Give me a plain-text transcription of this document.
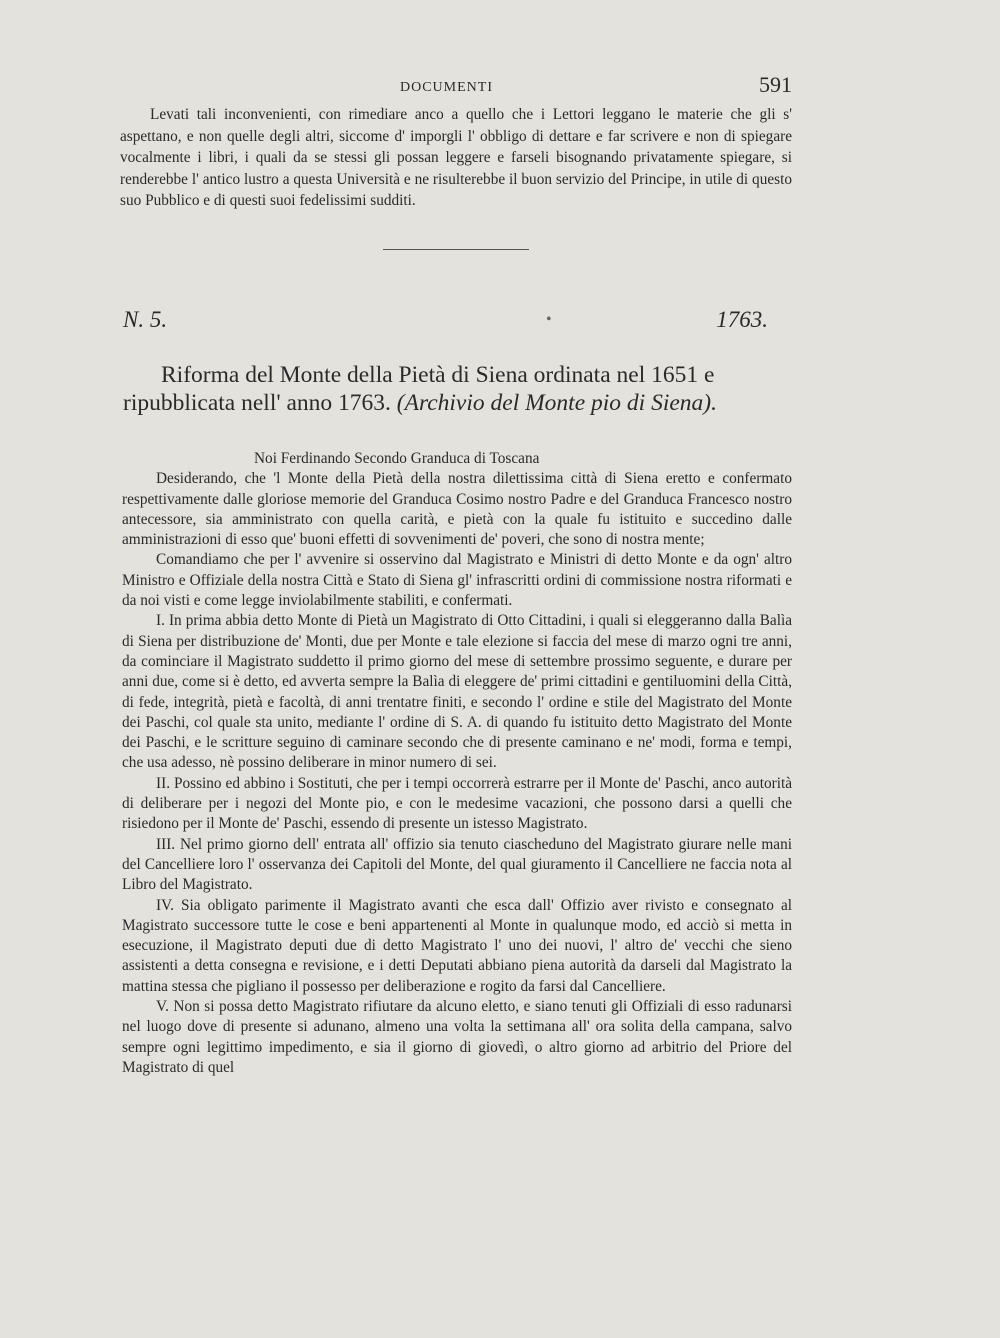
DOCUMENTI	591

Levati tali inconvenienti, con rimediare anco a quello che i Lettori leggano le materie che gli s' aspettano, e non quelle degli altri, siccome d' imporgli l' obbligo di dettare e far scrivere e non di spiegare vocalmente i libri, i quali da se stessi gli possan leggere e farseli bisognando privatamente spiegare, si renderebbe l' antico lustro a questa Università e ne risulterebbe il buon servizio del Principe, in utile di questo suo Pubblico e di questi suoi fedelissimi sudditi.

N. 5.	•	1763.

Riforma del Monte della Pietà di Siena ordinata nel 1651 e ripubblicata nell' anno 1763. (Archivio del Monte pio di Siena).

Noi Ferdinando Secondo Granduca di Toscana

Desiderando, che 'l Monte della Pietà della nostra dilettissima città di Siena eretto e confermato respettivamente dalle gloriose memorie del Granduca Cosimo nostro Padre e del Granduca Francesco nostro antecessore, sia amministrato con quella carità, e pietà con la quale fu istituito e succedino dalle amministrazioni di esso que' buoni effetti di sovvenimenti de' poveri, che sono di nostra mente;

Comandiamo che per l' avvenire si osservino dal Magistrato e Ministri di detto Monte e da ogn' altro Ministro e Offiziale della nostra Città e Stato di Siena gl' infrascritti ordini di commissione nostra riformati e da noi visti e come legge inviolabilmente stabiliti, e confermati.

I. In prima abbia detto Monte di Pietà un Magistrato di Otto Cittadini, i quali si eleggeranno dalla Balìa di Siena per distribuzione de' Monti, due per Monte e tale elezione si faccia del mese di marzo ogni tre anni, da cominciare il Magistrato suddetto il primo giorno del mese di settembre prossimo seguente, e durare per anni due, come si è detto, ed avverta sempre la Balìa di eleggere de' primi cittadini e gentiluomini della Città, di fede, integrità, pietà e facoltà, di anni trentatre finiti, e secondo l' ordine e stile del Magistrato del Monte dei Paschi, col quale sta unito, mediante l' ordine di S. A. di quando fu istituito detto Magistrato del Monte dei Paschi, e le scritture seguino di caminare secondo che di presente caminano e ne' modi, forma e tempi, che usa adesso, nè possino deliberare in minor numero di sei.

II. Possino ed abbino i Sostituti, che per i tempi occorrerà estrarre per il Monte de' Paschi, anco autorità di deliberare per i negozi del Monte pio, e con le medesime vacazioni, che possono darsi a quelli che risiedono per il Monte de' Paschi, essendo di presente un istesso Magistrato.

III. Nel primo giorno dell' entrata all' offizio sia tenuto ciascheduno del Magistrato giurare nelle mani del Cancelliere loro l' osservanza dei Capitoli del Monte, del qual giuramento il Cancelliere ne faccia nota al Libro del Magistrato.

IV. Sia obligato parimente il Magistrato avanti che esca dall' Offizio aver rivisto e consegnato al Magistrato successore tutte le cose e beni appartenenti al Monte in qualunque modo, ed acciò si metta in esecuzione, il Magistrato deputi due di detto Magistrato l' uno dei nuovi, l' altro de' vecchi che sieno assistenti a detta consegna e revisione, e i detti Deputati abbiano piena autorità da darseli dal Magistrato la mattina stessa che pigliano il possesso per deliberazione e rogito da farsi dal Cancelliere.

V. Non si possa detto Magistrato rifiutare da alcuno eletto, e siano tenuti gli Offiziali di esso radunarsi nel luogo dove di presente si adunano, almeno una volta la settimana all' ora solita della campana, salvo sempre ogni legittimo impedimento, e sia il giorno di giovedì, o altro giorno ad arbitrio del Priore del Magistrato di quel
